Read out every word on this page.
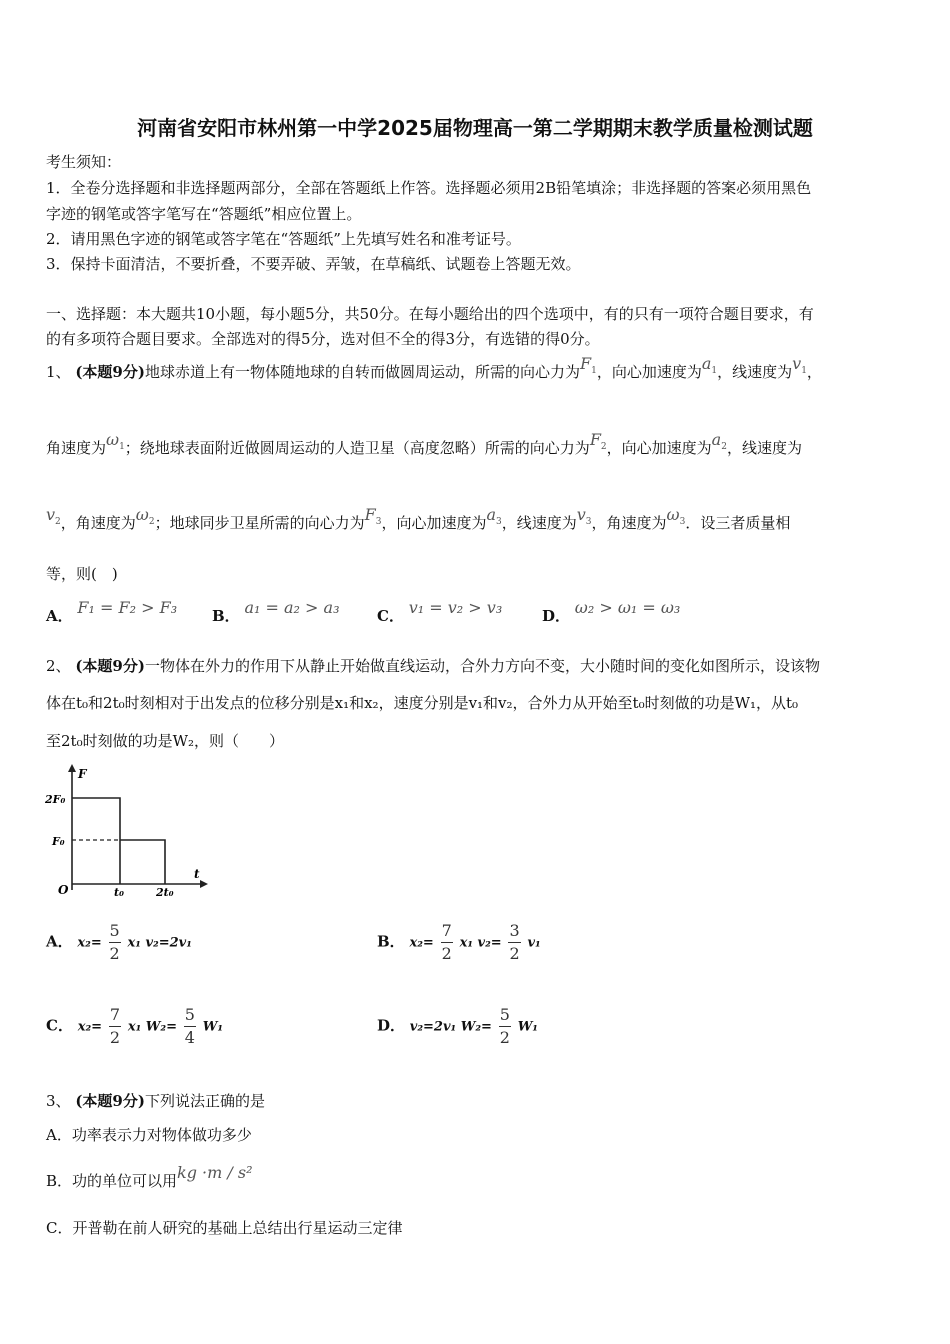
河南省安阳市林州第一中学2025届物理高一第二学期期末教学质量检测试题
考生须知：
1．全卷分选择题和非选择题两部分，全部在答题纸上作答。选择题必须用2B铅笔填涂；非选择题的答案必须用黑色
字迹的钢笔或答字笔写在“答题纸”相应位置上。
2．请用黑色字迹的钢笔或答字笔在“答题纸”上先填写姓名和准考证号。
3．保持卡面清洁，不要折叠，不要弄破、弄皱，在草稿纸、试题卷上答题无效。
一、选择题：本大题共10小题，每小题5分，共50分。在每小题给出的四个选项中，有的只有一项符合题目要求，有
的有多项符合题目要求。全部选对的得5分，选对但不全的得3分，有选错的得0分。
1、 (本题9分)地球赤道上有一物体随地球的自转而做圆周运动，所需的向心力为$F_1$，向心加速度为$a_1$，线速度为$v_1$，
角速度为$\omega_1$；绕地球表面附近做圆周运动的人造卫星（高度忽略）所需的向心力为$F_2$，向心加速度为$a_2$，线速度为
$v_2$，角速度为$\omega_2$；地球同步卫星所需的向心力为$F_3$，向心加速度为$a_3$，线速度为$v_3$，角速度为$\omega_3$．设三者质量相
等，则(　)
A． F₁ = F₂ > F₃ B． a₁ = a₂ > a₃	C． v₁ = v₂ > v₃	D． ω₂ > ω₁ = ω₃
2、 (本题9分)一物体在外力的作用下从静止开始做直线运动，合外力方向不变，大小随时间的变化如图所示，设该物
体在t₀和2t₀时刻相对于出发点的位移分别是x₁和x₂，速度分别是v₁和v₂，合外力从开始至t₀时刻做的功是W₁，从t₀
至2t₀时刻做的功是W₂，则（　　）
F
t
2F₀
F₀
O	t₀	2t₀
A． $x_2= \frac{5}{2} x_1$ v₂=2v₁	B． $x_2= \frac{7}{2} x_1$ $v_2= \frac{3}{2} v_1$
C． $x_2= \frac{7}{2} x_1$ $W_2= \frac{5}{4} W_1$	D． v₂=2v₁ $W_2= \frac{5}{2} W_1$
3、 (本题9分)下列说法正确的是
A．功率表示力对物体做功多少
B．功的单位可以用kg ·m / s²
C．开普勒在前人研究的基础上总结出行星运动三定律
